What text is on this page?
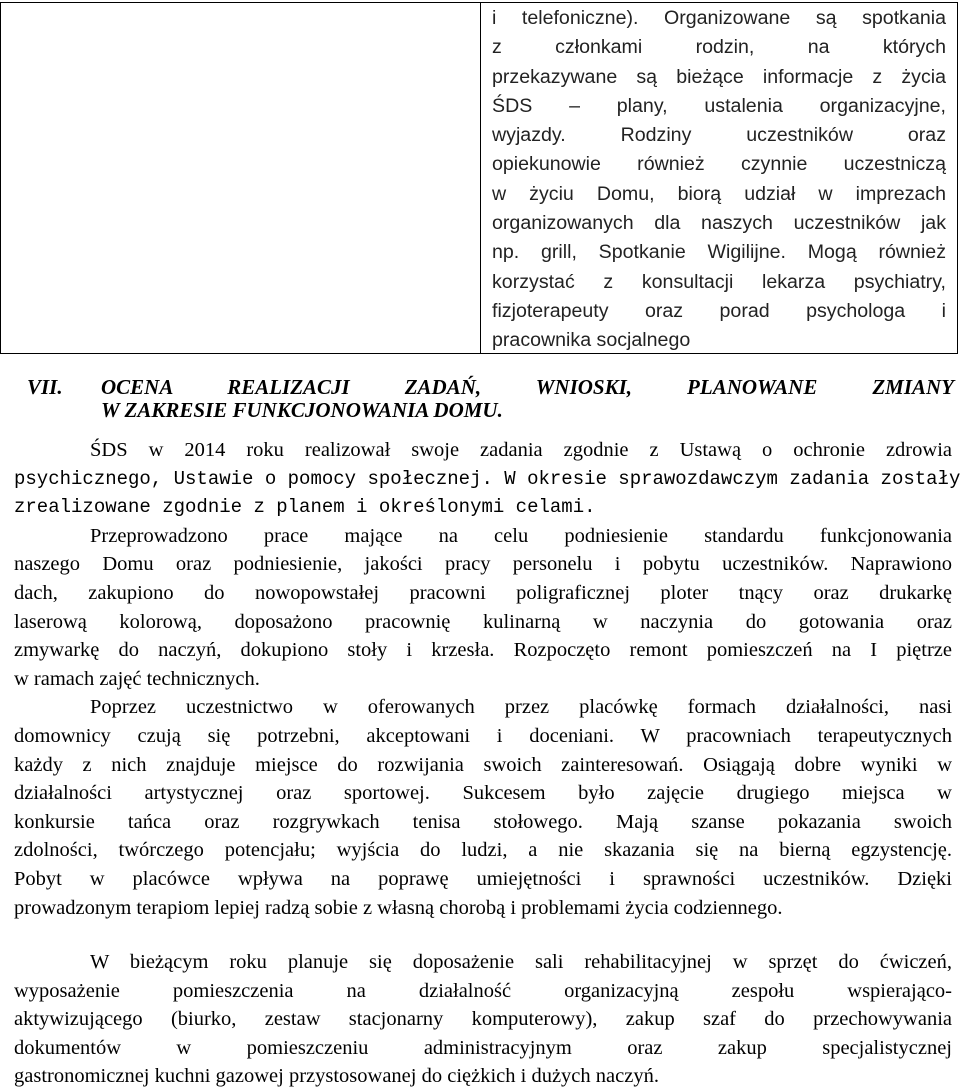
i telefoniczne). Organizowane są spotkania
z członkami rodzin, na których
przekazywane są bieżące informacje z życia
ŚDS – plany, ustalenia organizacyjne,
wyjazdy. Rodziny uczestników oraz
opiekunowie również czynnie uczestniczą
w życiu Domu, biorą udział w imprezach
organizowanych dla naszych uczestników jak
np. grill, Spotkanie Wigilijne. Mogą również
korzystać z konsultacji lekarza psychiatry,
fizjoterapeuty oraz porad psychologa i
pracownika socjalnego
VII. OCENA REALIZACJI ZADAŃ, WNIOSKI, PLANOWANE ZMIANY
W ZAKRESIE FUNKCJONOWANIA DOMU.
ŚDS w 2014 roku realizował swoje zadania zgodnie z Ustawą o ochronie zdrowia
psychicznego, Ustawie o pomocy społecznej. W okresie sprawozdawczym zadania zostały
zrealizowane zgodnie z planem i określonymi celami.
Przeprowadzono prace mające na celu podniesienie standardu funkcjonowania
naszego Domu oraz podniesienie, jakości pracy personelu i pobytu uczestników. Naprawiono
dach, zakupiono do nowopowstałej pracowni poligraficznej ploter tnący oraz drukarkę
laserową kolorową, doposażono pracownię kulinarną w naczynia do gotowania oraz
zmywarkę do naczyń, dokupiono stoły i krzesła. Rozpoczęto remont pomieszczeń na I piętrze
w ramach zajęć technicznych.
Poprzez uczestnictwo w oferowanych przez placówkę formach działalności, nasi
domownicy czują się potrzebni, akceptowani i doceniani. W pracowniach terapeutycznych
każdy z nich znajduje miejsce do rozwijania swoich zainteresowań. Osiągają dobre wyniki w
działalności artystycznej oraz sportowej. Sukcesem było zajęcie drugiego miejsca w
konkursie tańca oraz rozgrywkach tenisa stołowego. Mają szanse pokazania swoich
zdolności, twórczego potencjału; wyjścia do ludzi, a nie skazania się na bierną egzystencję.
Pobyt w placówce wpływa na poprawę umiejętności i sprawności uczestników. Dzięki
prowadzonym terapiom lepiej radzą sobie z własną chorobą i problemami życia codziennego.
W bieżącym roku planuje się doposażenie sali rehabilitacyjnej w sprzęt do ćwiczeń,
wyposażenie pomieszczenia na działalność organizacyjną zespołu wspierająco-
aktywizującego (biurko, zestaw stacjonarny komputerowy), zakup szaf do przechowywania
dokumentów w pomieszczeniu administracyjnym oraz zakup specjalistycznej
gastronomicznej kuchni gazowej przystosowanej do ciężkich i dużych naczyń.
